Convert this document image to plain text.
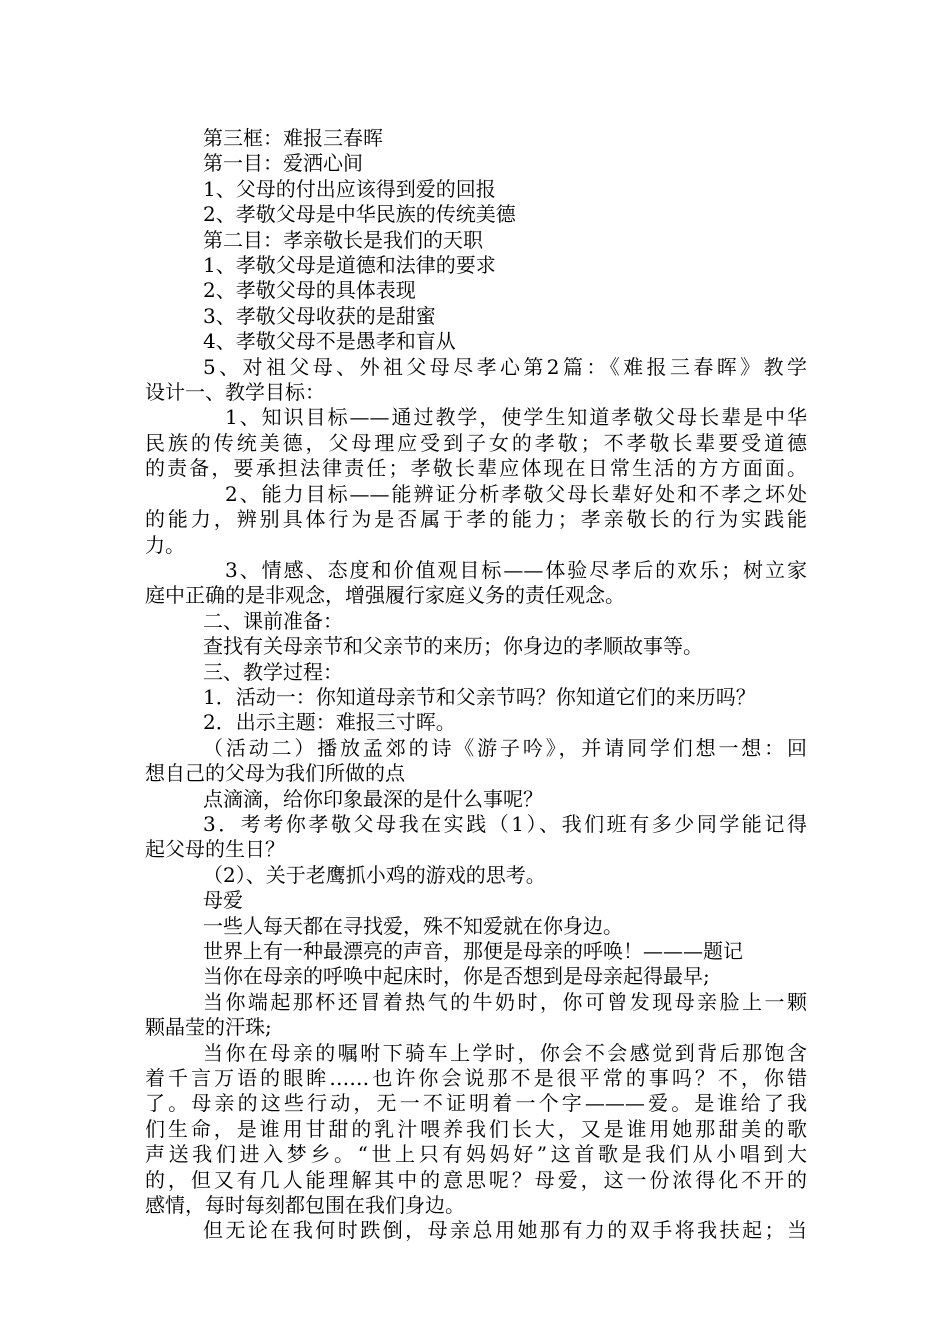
第三框：难报三春晖

第一目：爱洒心间

1、父母的付出应该得到爱的回报

2、孝敬父母是中华民族的传统美德

第二目：孝亲敬长是我们的天职

1、孝敬父母是道德和法律的要求

2、孝敬父母的具体表现

3、孝敬父母收获的是甜蜜

4、孝敬父母不是愚孝和盲从

5、对祖父母、外祖父母尽孝心第2篇：《难报三春晖》教学

设计一、教学目标：

1、知识目标——通过教学，使学生知道孝敬父母长辈是中华

民族的传统美德，父母理应受到子女的孝敬；不孝敬长辈要受道德

的责备，要承担法律责任；孝敬长辈应体现在日常生活的方方面面。

2、能力目标——能辨证分析孝敬父母长辈好处和不孝之坏处

的能力，辨别具体行为是否属于孝的能力；孝亲敬长的行为实践能

力。

3、情感、态度和价值观目标——体验尽孝后的欢乐；树立家

庭中正确的是非观念，增强履行家庭义务的责任观念。

二、课前准备：

查找有关母亲节和父亲节的来历；你身边的孝顺故事等。

三、教学过程：

1．活动一：你知道母亲节和父亲节吗？你知道它们的来历吗？

2．出示主题：难报三寸晖。

（活动二）播放孟郊的诗《游子吟》，并请同学们想一想：回

想自己的父母为我们所做的点

点滴滴，给你印象最深的是什么事呢？

3．考考你孝敬父母我在实践（1）、我们班有多少同学能记得

起父母的生日？

（2）、关于老鹰抓小鸡的游戏的思考。

母爱

一些人每天都在寻找爱，殊不知爱就在你身边。

世界上有一种最漂亮的声音，那便是母亲的呼唤！———题记

当你在母亲的呼唤中起床时，你是否想到是母亲起得最早;

当你端起那杯还冒着热气的牛奶时，你可曾发现母亲脸上一颗

颗晶莹的汗珠;

当你在母亲的嘱咐下骑车上学时，你会不会感觉到背后那饱含

着千言万语的眼眸……也许你会说那不是很平常的事吗？不，你错

了。母亲的这些行动，无一不证明着一个字———爱。是谁给了我

们生命，是谁用甘甜的乳汁喂养我们长大，又是谁用她那甜美的歌

声送我们进入梦乡。“世上只有妈妈好”这首歌是我们从小唱到大

的，但又有几人能理解其中的意思呢？母爱，这一份浓得化不开的

感情，每时每刻都包围在我们身边。

但无论在我何时跌倒，母亲总用她那有力的双手将我扶起；当
